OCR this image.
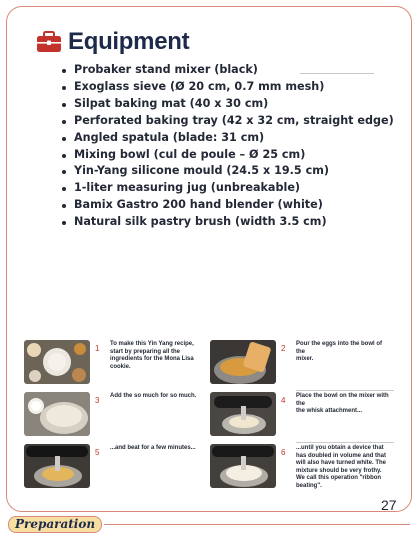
Equipment
Probaker stand mixer (black)
Exoglass sieve (Ø 20 cm, 0.7 mm mesh)
Silpat baking mat (40 x 30 cm)
Perforated baking tray (42 x 32 cm, straight edge)
Angled spatula (blade: 31 cm)
Mixing bowl (cul de poule – Ø 25 cm)
Yin-Yang silicone mould (24.5 x 19.5 cm)
1-liter measuring jug (unbreakable)
Bamix Gastro 200 hand blender (white)
Natural silk pastry brush (width 3.5 cm)
1 To make this Yin Yang recipe, start by preparing all the ingredients for the Mona Lisa cookie.
2 Pour the eggs into the bowl of the
mixer.
3 Add the so much for so much.	4 Place the bowl on the mixer with the
the whisk attachment...
5 ...and beat for a few minutes...	6 ...until you obtain a device that has doubled in volume and that will also have turned white. The mixture should be very frothy. We call this operation "ribbon beating".
27
Preparation
